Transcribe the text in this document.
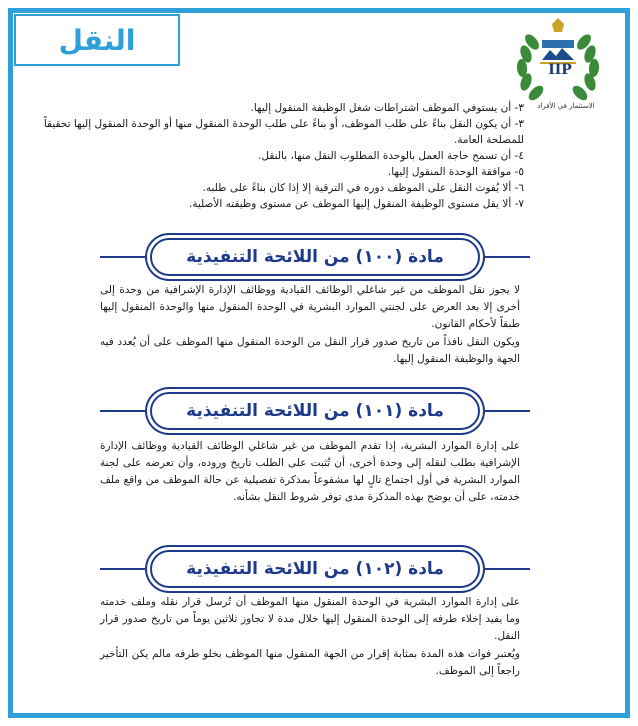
النقل
IIP
الاستثمار في الأفراد
٣- أن يستوفي الموظف اشتراطات شغل الوظيفة المنقول إليها.
٣- أن يكون النقل بناءً على طلب الموظف، أو بناءً على طلب الوحدة المنقول منها أو الوحدة المنقول إليها تحقيقاً للمصلحة العامة.
٤- أن تسمح حاجة العمل بالوحدة المطلوب النقل منها، بالنقل.
٥- موافقة الوحدة المنقول إليها.
٦- ألا يُفوت النقل على الموظف دوره في الترقية إلا إذا كان بناءً على طلبه.
٧- ألا يقل مستوى الوظيفة المنقول إليها الموظف عن مستوى وظيفته الأصلية.
مادة (١٠٠) من اللائحة التنفيذية

لا يجوز نقل الموظف من غير شاغلي الوظائف القيادية ووظائف الإدارة الإشرافية من وحدة إلى أخرى إلا بعد العرض على لجنتي الموارد البشرية في الوحدة المنقول منها والوحدة المنقول إليها طبقاً لأحكام القانون.

ويكون النقل نافذاً من تاريخ صدور قرار النقل من الوحدة المنقول منها الموظف على أن يُعدد فيه الجهة والوظيفة المنقول إليها.

مادة (١٠١) من اللائحة التنفيذية

على إدارة الموارد البشرية، إذا تقدم الموظف من غير شاغلي الوظائف القيادية ووظائف الإدارة الإشرافية بطلب لنقله إلى وحدة أخرى، أن تُثبت على الطلب تاريخ وروده، وأن تعرضه على لجنة الموارد البشرية في أول اجتماع تالٍ لها مشفوعاً بمذكرة تفصيلية عن حالة الموظف من واقع ملف خدمته، على أن يوضح بهذه المذكرة مدى توفر شروط النقل بشأنه.

مادة (١٠٢) من اللائحة التنفيذية

على إدارة الموارد البشرية في الوحدة المنقول منها الموظف أن تُرسل قرار نقله وملف خدمته وما يفيد إخلاء طرفه إلى الوحدة المنقول إليها خلال مدة لا تجاوز ثلاثين يوماً من تاريخ صدور قرار النقل.

ويُعتبر فوات هذه المدة بمثابة إقرار من الجهة المنقول منها الموظف بخلو طرفه مالم يكن التأخير راجعاً إلى الموظف.
